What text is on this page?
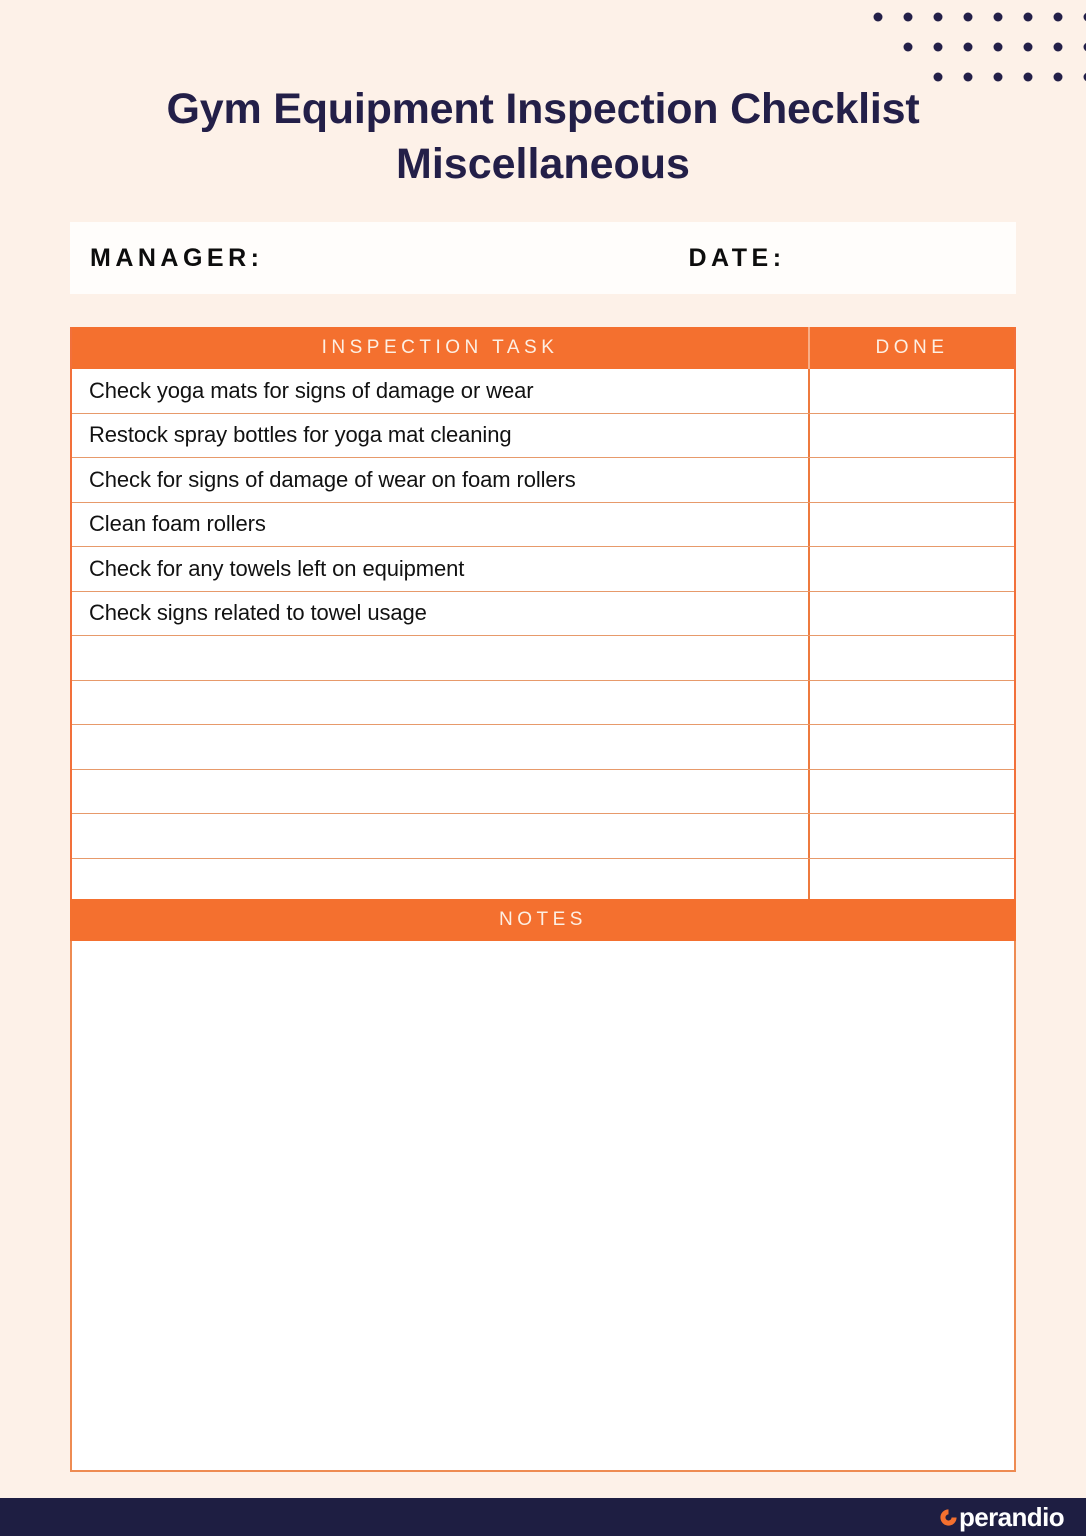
Gym Equipment Inspection Checklist
Miscellaneous
MANAGER:	DATE:
INSPECTION TASK	DONE
Check yoga mats for signs of damage or wear
Restock spray bottles for yoga mat cleaning
Check for signs of damage of wear on foam rollers
Clean foam rollers
Check for any towels left on equipment
Check signs related to towel usage
NOTES
perandio
